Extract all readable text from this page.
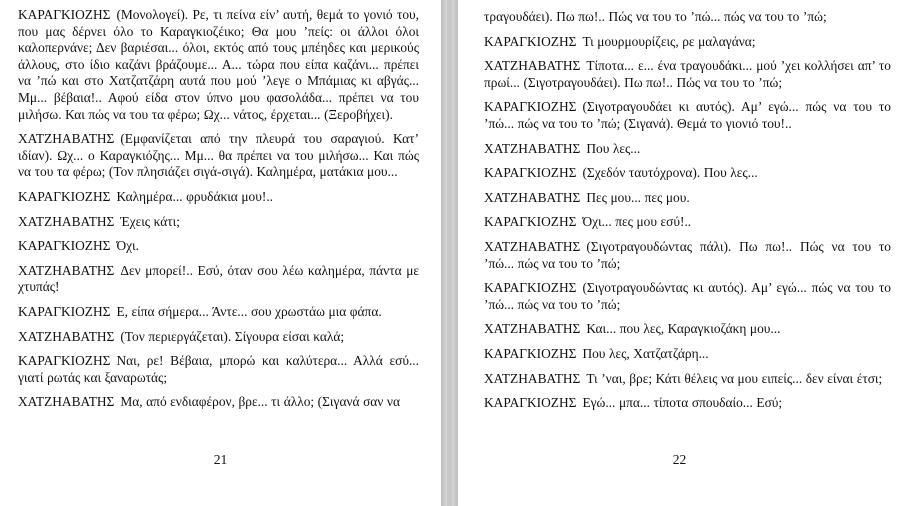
ΚΑΡΑΓΚΙΟΖΗΣ (Μονολογεί). Ρε, τι πείνα είν’ αυτή, θεμά το γονιό του, που μας δέρνει όλο το Καραγκιοζέικο; Θα μου ’πείς: οι άλλοι όλοι καλοπερνάνε; Δεν βαριέσαι... όλοι, εκτός από τους μπέηδες και μερικούς άλλους, στο ίδιο καζάνι βράζουμε... Α... τώρα που είπα καζάνι... πρέπει να ’πώ και στο Χατζατζάρη αυτά που μού ’λεγε ο Μπάμιας κι αβγάς... Μμ... βέβαια!.. Αφού είδα στον ύπνο μου φασολάδα... πρέπει να του μιλήσω. Και πώς να του τα φέρω; Ωχ... νάτος, έρχεται... (Ξεροβήχει).

ΧΑΤΖΗΑΒΑΤΗΣ (Εμφανίζεται από την πλευρά του σαραγιού. Κατ’ ιδίαν). Ωχ... ο Καραγκιόζης... Μμ... θα πρέπει να του μιλήσω... Και πώς να του τα φέρω; (Τον πλησιάζει σιγά-σιγά). Καλημέρα, ματάκια μου...

ΚΑΡΑΓΚΙΟΖΗΣ Καλημέρα... φρυδάκια μου!..

ΧΑΤΖΗΑΒΑΤΗΣ Έχεις κάτι;

ΚΑΡΑΓΚΙΟΖΗΣ Όχι.

ΧΑΤΖΗΑΒΑΤΗΣ Δεν μπορεί!.. Εσύ, όταν σου λέω καλημέρα, πάντα με χτυπάς!

ΚΑΡΑΓΚΙΟΖΗΣ Ε, είπα σήμερα... Άντε... σου χρωστάω μια φάπα.

ΧΑΤΖΗΑΒΑΤΗΣ (Τον περιεργάζεται). Σίγουρα είσαι καλά;

ΚΑΡΑΓΚΙΟΖΗΣ Ναι, ρε! Βέβαια, μπορώ και καλύτερα... Αλλά εσύ... γιατί ρωτάς και ξαναρωτάς;

ΧΑΤΖΗΑΒΑΤΗΣ Μα, από ενδιαφέρον, βρε... τι άλλο; (Σιγανά σαν να

21

τραγουδάει). Πω πω!.. Πώς να του το ’πώ... πώς να του το ’πώ;

ΚΑΡΑΓΚΙΟΖΗΣ Τι μουρμουρίζεις, ρε μαλαγάνα;

ΧΑΤΖΗΑΒΑΤΗΣ Τίποτα... ε... ένα τραγουδάκι... μού ’χει κολλήσει απ’ το πρωί... (Σιγοτραγουδάει). Πω πω!.. Πώς να του το ’πώ;

ΚΑΡΑΓΚΙΟΖΗΣ (Σιγοτραγουδάει κι αυτός). Αμ’ εγώ... πώς να του το ’πώ... πώς να του το ’πώ; (Σιγανά). Θεμά το γιονιό του!..

ΧΑΤΖΗΑΒΑΤΗΣ Που λες...

ΚΑΡΑΓΚΙΟΖΗΣ (Σχεδόν ταυτόχρονα). Που λες...

ΧΑΤΖΗΑΒΑΤΗΣ Πες μου... πες μου.

ΚΑΡΑΓΚΙΟΖΗΣ Όχι... πες μου εσύ!..

ΧΑΤΖΗΑΒΑΤΗΣ (Σιγοτραγουδώντας πάλι). Πω πω!.. Πώς να του το ’πώ... πώς να του το ’πώ;

ΚΑΡΑΓΚΙΟΖΗΣ (Σιγοτραγουδώντας κι αυτός). Αμ’ εγώ... πώς να του το ’πώ... πώς να του το ’πώ;

ΧΑΤΖΗΑΒΑΤΗΣ Και... που λες, Καραγκιοζάκη μου...

ΚΑΡΑΓΚΙΟΖΗΣ Που λες, Χατζατζάρη...

ΧΑΤΖΗΑΒΑΤΗΣ Τι ’ναι, βρε; Κάτι θέλεις να μου ειπείς... δεν είναι έτσι;

ΚΑΡΑΓΚΙΟΖΗΣ Εγώ... μπα... τίποτα σπουδαίο... Εσύ;

22
